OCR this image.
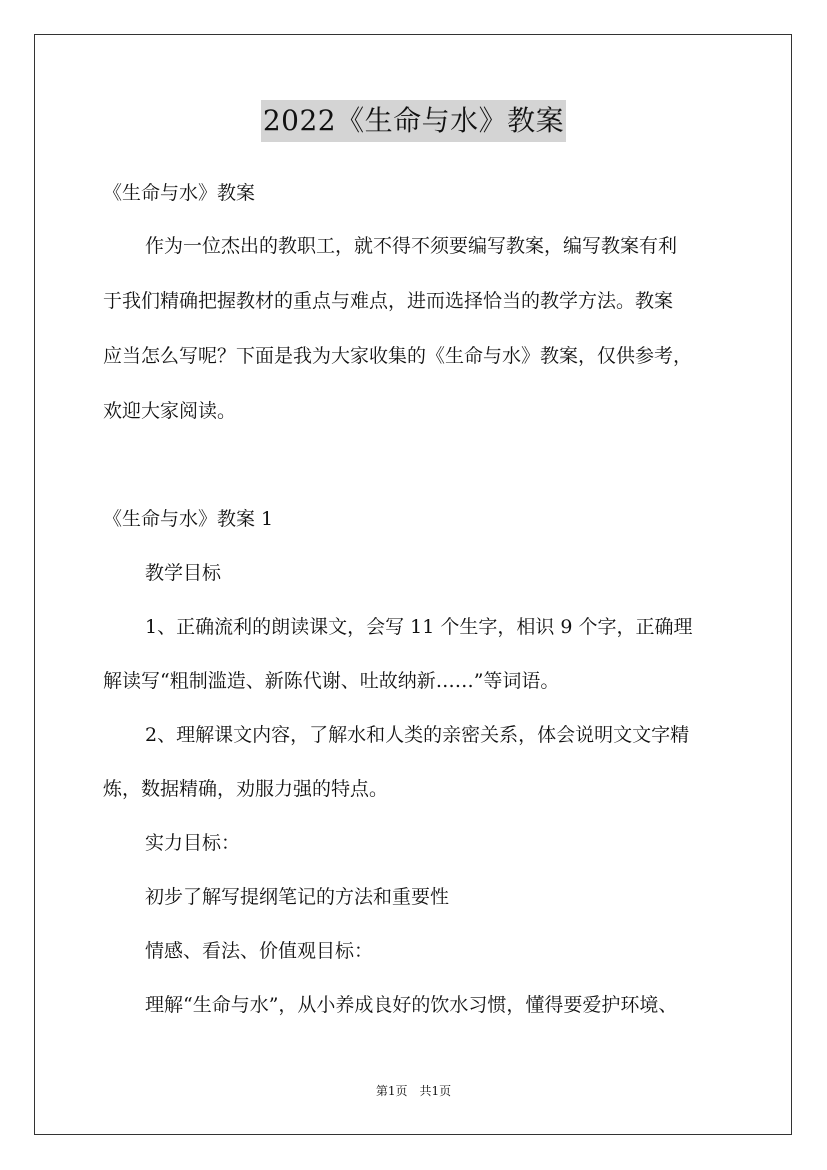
2022《生命与水》教案
《生命与水》教案
作为一位杰出的教职工，就不得不须要编写教案，编写教案有利
于我们精确把握教材的重点与难点，进而选择恰当的教学方法。教案
应当怎么写呢？下面是我为大家收集的《生命与水》教案，仅供参考，
欢迎大家阅读。
《生命与水》教案 1
教学目标
1、正确流利的朗读课文，会写 11 个生字，相识 9 个字，正确理
解读写“粗制滥造、新陈代谢、吐故纳新……”等词语。
2、理解课文内容，了解水和人类的亲密关系，体会说明文文字精
炼，数据精确，劝服力强的特点。
实力目标：
初步了解写提纲笔记的方法和重要性
情感、看法、价值观目标：
理解“生命与水”，从小养成良好的饮水习惯，懂得要爱护环境、
第1页　共1页
